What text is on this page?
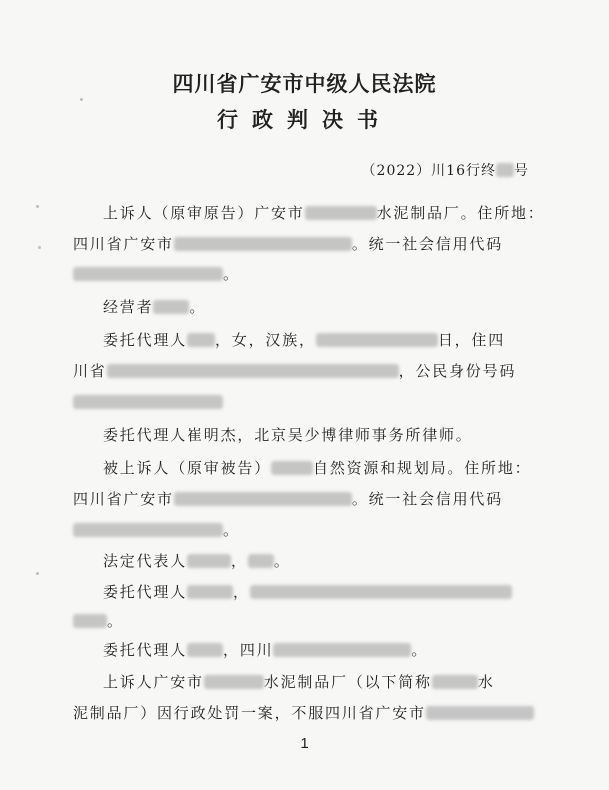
四川省广安市中级人民法院
行政判决书
（2022）川16行终 号
上诉人（原审原告）广安市	水泥制品厂。住所地：
四川省广安市	。统一社会信用代码
。
经营者 。
委托代理人 ，女，汉族，	日，住四
川省	，公民身份号码
委托代理人崔明杰，北京吴少博律师事务所律师。
被上诉人（原审被告）	自然资源和规划局。住所地：
四川省广安市	。统一社会信用代码
。
法定代表人	， 。
委托代理人	，
。
委托代理人 ，四川	。
上诉人广安市	水泥制品厂（以下简称	水
泥制品厂）因行政处罚一案，不服四川省广安市
1
